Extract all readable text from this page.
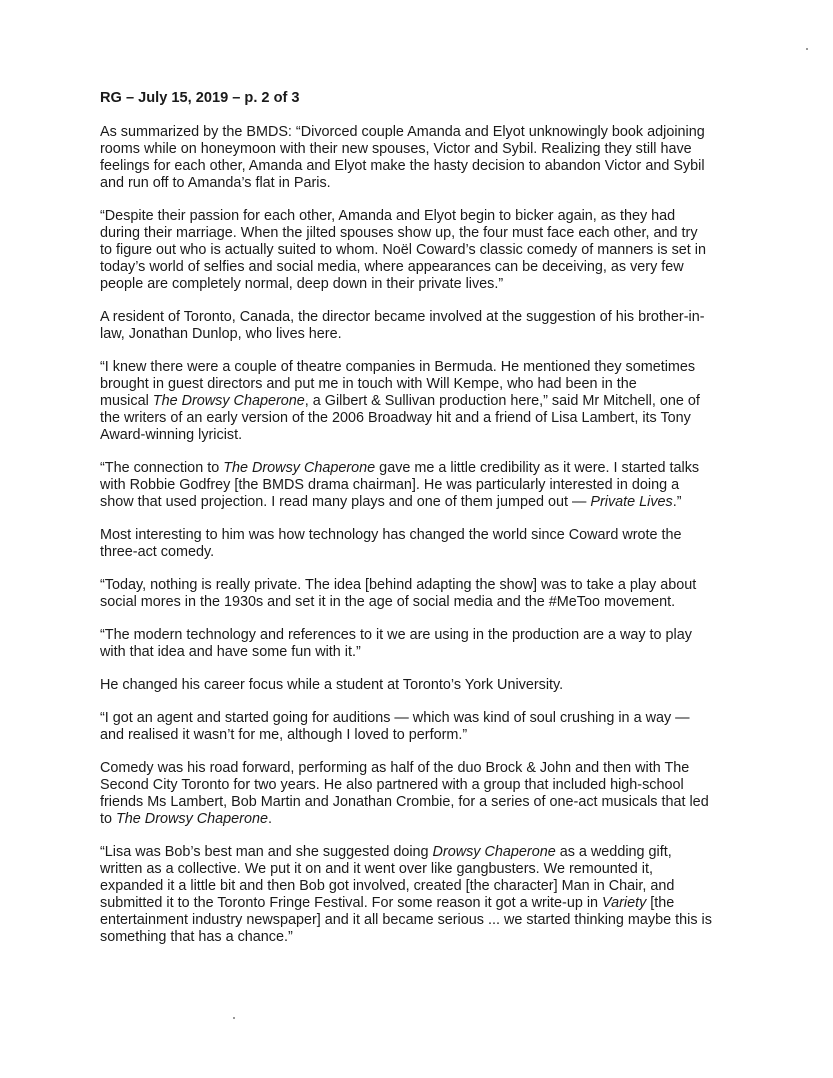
RG – July 15, 2019 – p. 2 of 3
As summarized by the BMDS: “Divorced couple Amanda and Elyot unknowingly book adjoining
rooms while on honeymoon with their new spouses, Victor and Sybil. Realizing they still have
feelings for each other, Amanda and Elyot make the hasty decision to abandon Victor and Sybil
and run off to Amanda’s flat in Paris.
“Despite their passion for each other, Amanda and Elyot begin to bicker again, as they had
during their marriage. When the jilted spouses show up, the four must face each other, and try
to figure out who is actually suited to whom. Noël Coward’s classic comedy of manners is set in
today’s world of selfies and social media, where appearances can be deceiving, as very few
people are completely normal, deep down in their private lives.”
A resident of Toronto, Canada, the director became involved at the suggestion of his brother-in-
law, Jonathan Dunlop, who lives here.
“I knew there were a couple of theatre companies in Bermuda. He mentioned they sometimes
brought in guest directors and put me in touch with Will Kempe, who had been in the
musical The Drowsy Chaperone, a Gilbert & Sullivan production here,” said Mr Mitchell, one of
the writers of an early version of the 2006 Broadway hit and a friend of Lisa Lambert, its Tony
Award-winning lyricist.
“The connection to The Drowsy Chaperone gave me a little credibility as it were. I started talks
with Robbie Godfrey [the BMDS drama chairman]. He was particularly interested in doing a
show that used projection. I read many plays and one of them jumped out — Private Lives.”
Most interesting to him was how technology has changed the world since Coward wrote the
three-act comedy.
“Today, nothing is really private. The idea [behind adapting the show] was to take a play about
social mores in the 1930s and set it in the age of social media and the #MeToo movement.
“The modern technology and references to it we are using in the production are a way to play
with that idea and have some fun with it.”
He changed his career focus while a student at Toronto’s York University.
“I got an agent and started going for auditions — which was kind of soul crushing in a way —
and realised it wasn’t for me, although I loved to perform.”
Comedy was his road forward, performing as half of the duo Brock & John and then with The
Second City Toronto for two years. He also partnered with a group that included high-school
friends Ms Lambert, Bob Martin and Jonathan Crombie, for a series of one-act musicals that led
to The Drowsy Chaperone.
“Lisa was Bob’s best man and she suggested doing Drowsy Chaperone as a wedding gift,
written as a collective. We put it on and it went over like gangbusters. We remounted it,
expanded it a little bit and then Bob got involved, created [the character] Man in Chair, and
submitted it to the Toronto Fringe Festival. For some reason it got a write-up in Variety [the
entertainment industry newspaper] and it all became serious ... we started thinking maybe this is
something that has a chance.”
